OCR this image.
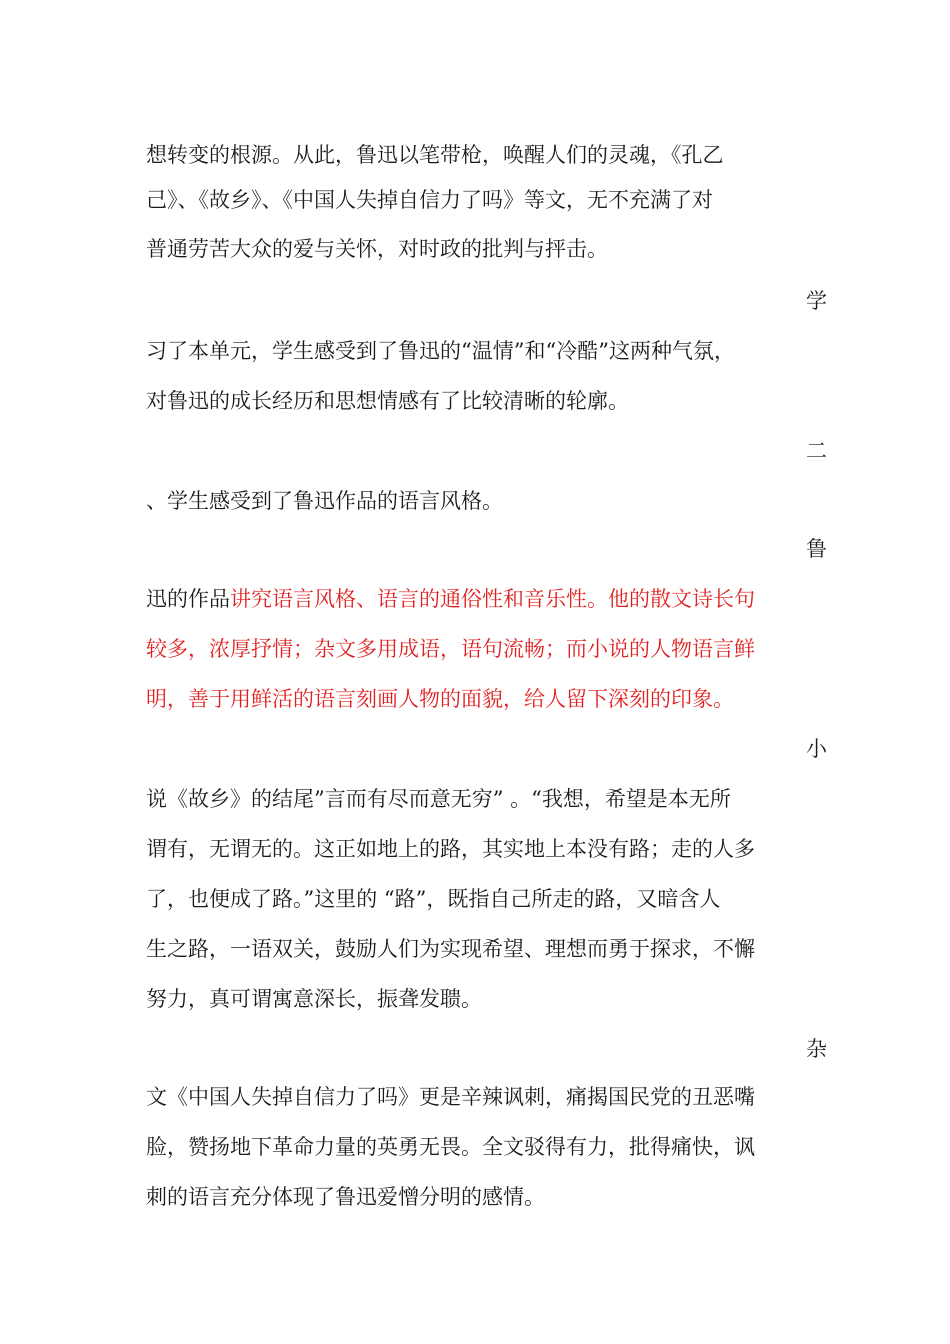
想转变的根源。从此，鲁迅以笔带枪，唤醒人们的灵魂，《孔乙
己》、《故乡》、《中国人失掉自信力了吗》等文，无不充满了对
普通劳苦大众的爱与关怀，对时政的批判与抨击。
学
习了本单元，学生感受到了鲁迅的“温情”和“冷酷”这两种气氛，
对鲁迅的成长经历和思想情感有了比较清晰的轮廓。
二
、学生感受到了鲁迅作品的语言风格。
鲁
迅的作品讲究语言风格、语言的通俗性和音乐性。他的散文诗长句
较多，浓厚抒情；杂文多用成语，语句流畅；而小说的人物语言鲜
明，善于用鲜活的语言刻画人物的面貌，给人留下深刻的印象。
小
说《故乡》的结尾”言而有尽而意无穷” 。“我想，希望是本无所
谓有，无谓无的。这正如地上的路，其实地上本没有路；走的人多
了，也便成了路。”这里的 “路”，既指自己所走的路，又暗含人
生之路，一语双关，鼓励人们为实现希望、理想而勇于探求，不懈
努力，真可谓寓意深长，振聋发聩。
杂
文《中国人失掉自信力了吗》更是辛辣讽刺，痛揭国民党的丑恶嘴
脸，赞扬地下革命力量的英勇无畏。全文驳得有力，批得痛快，讽
刺的语言充分体现了鲁迅爱憎分明的感情。
